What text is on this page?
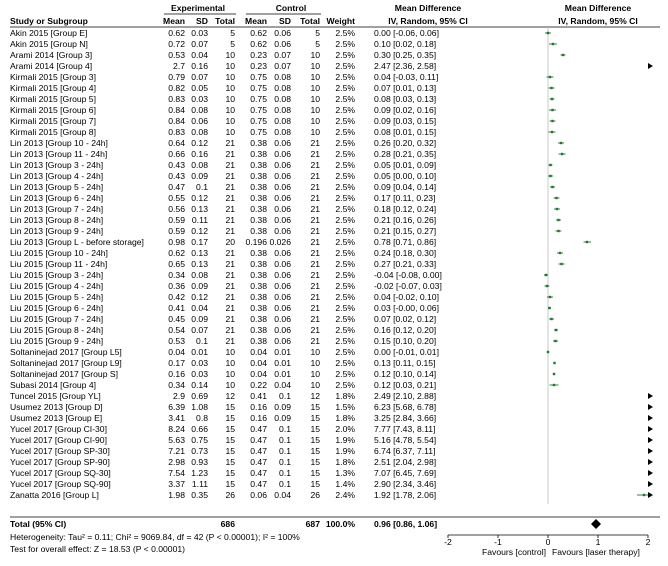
Experimental	Control	Mean Difference	Mean Difference
Study or Subgroup	Mean SD Total Mean SD Total Weight	IV, Random, 95% CI	IV, Random, 95% CI
Akin 2015 [Group E]	0.62 0.03	5 0.62 0.06	5 2.5% 0.00 [-0.06, 0.06]
Akin 2015 [Group N]	0.72 0.07	5 0.62 0.06	5 2.5% 0.10 [0.02, 0.18]
Arami 2014 [Group 3]	0.53 0.04 10 0.23 0.07 10 2.5% 0.30 [0.25, 0.35]
Arami 2014 [Group 4]	2.7 0.16 10 0.23 0.07 10 2.5% 2.47 [2.36, 2.58]
Kirmali 2015 [Group 3]	0.79 0.07 10 0.75 0.08 10 2.5% 0.04 [-0.03, 0.11]
Kirmali 2015 [Group 4]	0.82 0.05 10 0.75 0.08 10 2.5% 0.07 [0.01, 0.13]
Kirmali 2015 [Group 5]	0.83 0.03 10 0.75 0.08 10 2.5% 0.08 [0.03, 0.13]
Kirmali 2015 [Group 6]	0.84 0.08 10 0.75 0.08 10 2.5% 0.09 [0.02, 0.16]
Kirmali 2015 [Group 7]	0.84 0.06 10 0.75 0.08 10 2.5% 0.09 [0.03, 0.15]
Kirmali 2015 [Group 8]	0.83 0.08 10 0.75 0.08 10 2.5% 0.08 [0.01, 0.15]
Lin 2013 [Group 10 - 24h]	0.64 0.12 21 0.38 0.06 21 2.5% 0.26 [0.20, 0.32]
Lin 2013 [Group 11 - 24h]	0.66 0.16 21 0.38 0.06 21 2.5% 0.28 [0.21, 0.35]
Lin 2013 [Group 3 - 24h]	0.43 0.08 21 0.38 0.06 21 2.5% 0.05 [0.01, 0.09]
Lin 2013 [Group 4 - 24h]	0.43 0.09 21 0.38 0.06 21 2.5% 0.05 [0.00, 0.10]
Lin 2013 [Group 5 - 24h]	0.47 0.1 21 0.38 0.06 21 2.5% 0.09 [0.04, 0.14]
Lin 2013 [Group 6 - 24h]	0.55 0.12 21 0.38 0.06 21 2.5% 0.17 [0.11, 0.23]
Lin 2013 [Group 7 - 24h]	0.56 0.13 21 0.38 0.06 21 2.5% 0.18 [0.12, 0.24]
Lin 2013 [Group 8 - 24h]	0.59 0.11 21 0.38 0.06 21 2.5% 0.21 [0.16, 0.26]
Lin 2013 [Group 9 - 24h]	0.59 0.12 21 0.38 0.06 21 2.5% 0.21 [0.15, 0.27]
Liu 2013 [Group L - before storage]	0.98 0.17 20 0.196 0.026 21 2.5% 0.78 [0.71, 0.86]
Liu 2015 [Group 10 - 24h]	0.62 0.13 21 0.38 0.06 21 2.5% 0.24 [0.18, 0.30]
Liu 2015 [Group 11 - 24h]	0.65 0.13 21 0.38 0.06 21 2.5% 0.27 [0.21, 0.33]
Liu 2015 [Group 3 - 24h]	0.34 0.08 21 0.38 0.06 21 2.5% -0.04 [-0.08, 0.00]
Liu 2015 [Group 4 - 24h]	0.36 0.09 21 0.38 0.06 21 2.5% -0.02 [-0.07, 0.03]
Liu 2015 [Group 5 - 24h]	0.42 0.12 21 0.38 0.06 21 2.5% 0.04 [-0.02, 0.10]
Liu 2015 [Group 6 - 24h]	0.41 0.04 21 0.38 0.06 21 2.5% 0.03 [-0.00, 0.06]
Liu 2015 [Group 7 - 24h]	0.45 0.09 21 0.38 0.06 21 2.5% 0.07 [0.02, 0.12]
Liu 2015 [Group 8 - 24h]	0.54 0.07 21 0.38 0.06 21 2.5% 0.16 [0.12, 0.20]
Liu 2015 [Group 9 - 24h]	0.53 0.1 21 0.38 0.06 21 2.5% 0.15 [0.10, 0.20]
Soltaninejad 2017 [Group L5]	0.04 0.01 10 0.04 0.01 10 2.5% 0.00 [-0.01, 0.01]
Soltaninejad 2017 [Group L9]	0.17 0.03 10 0.04 0.01 10 2.5% 0.13 [0.11, 0.15]
Soltaninejad 2017 [Group S]	0.16 0.03 10 0.04 0.01 10 2.5% 0.12 [0.10, 0.14]
Subasi 2014 [Group 4]	0.34 0.14 10 0.22 0.04 10 2.5% 0.12 [0.03, 0.21]
Tuncel 2015 [Group YL]	2.9 0.69 12 0.41 0.1 12 1.8% 2.49 [2.10, 2.88]
Usumez 2013 [Group D]	6.39 1.08 15 0.16 0.09 15 1.5% 6.23 [5.68, 6.78]
Usumez 2013 [Group E]	3.41 0.8 15 0.16 0.09 15 1.8% 3.25 [2.84, 3.66]
Yucel 2017 [Group CI-30]	8.24 0.66 15 0.47 0.1 15 2.0% 7.77 [7.43, 8.11]
Yucel 2017 [Group CI-90]	5.63 0.75 15 0.47 0.1 15 1.9% 5.16 [4.78, 5.54]
Yucel 2017 [Group SP-30]	7.21 0.73 15 0.47 0.1 15 1.9% 6.74 [6.37, 7.11]
Yucel 2017 [Group SP-90]	2.98 0.93 15 0.47 0.1 15 1.8% 2.51 [2.04, 2.98]
Yucel 2017 [Group SQ-30]	7.54 1.23 15 0.47 0.1 15 1.3% 7.07 [6.45, 7.69]
Yucel 2017 [Group SQ-90]	3.37 1.11 15 0.47 0.1 15 1.4% 2.90 [2.34, 3.46]
Zanatta 2016 [Group L]	1.98 0.35 26 0.06 0.04 26 2.4% 1.92 [1.78, 2.06]
-2	-1	0	1	2
Total (95% CI)	686	687 100.0% 0.96 [0.86, 1.06]
Heterogeneity: Tau² = 0.11; Chi² = 9069.84, df = 42 (P < 0.00001); I² = 100%
Test for overall effect: Z = 18.53 (P < 0.00001)	Favours [control] Favours [laser therapy]
